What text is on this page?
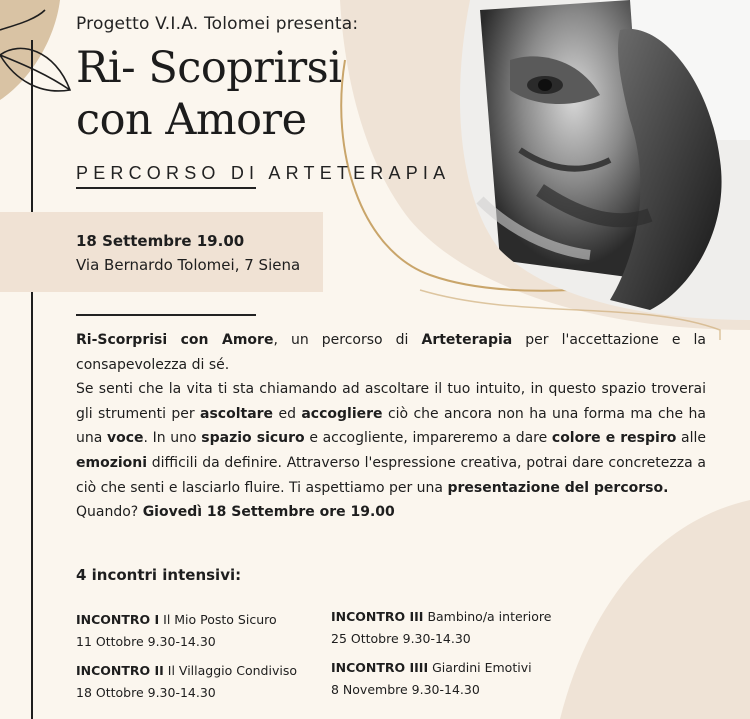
Progetto V.I.A. Tolomei presenta:
Ri- Scoprirsi
con Amore
PERCORSO DI ARTETERAPIA
18 Settembre 19.00
Via Bernardo Tolomei, 7 Siena

Ri-Scorprisi con Amore, un percorso di Arteterapia per l'accettazione e la consapevolezza di sé.

Se senti che la vita ti sta chiamando ad ascoltare il tuo intuito, in questo spazio troverai gli strumenti per ascoltare ed accogliere ciò che ancora non ha una forma ma che ha una voce. In uno spazio sicuro e accogliente, impareremo a dare colore e respiro alle emozioni difficili da definire. Attraverso l'espressione creativa, potrai dare concretezza a ciò che senti e lasciarlo fluire. Ti aspettiamo per una presentazione del percorso.

Quando? Giovedì 18 Settembre ore 19.00

4 incontri intensivi:
INCONTRO I Il Mio Posto Sicuro
11 Ottobre 9.30-14.30
INCONTRO II Il Villaggio Condiviso
18 Ottobre 9.30-14.30
INCONTRO III Bambino/a interiore
25 Ottobre 9.30-14.30
INCONTRO IIII Giardini Emotivi
8 Novembre 9.30-14.30
